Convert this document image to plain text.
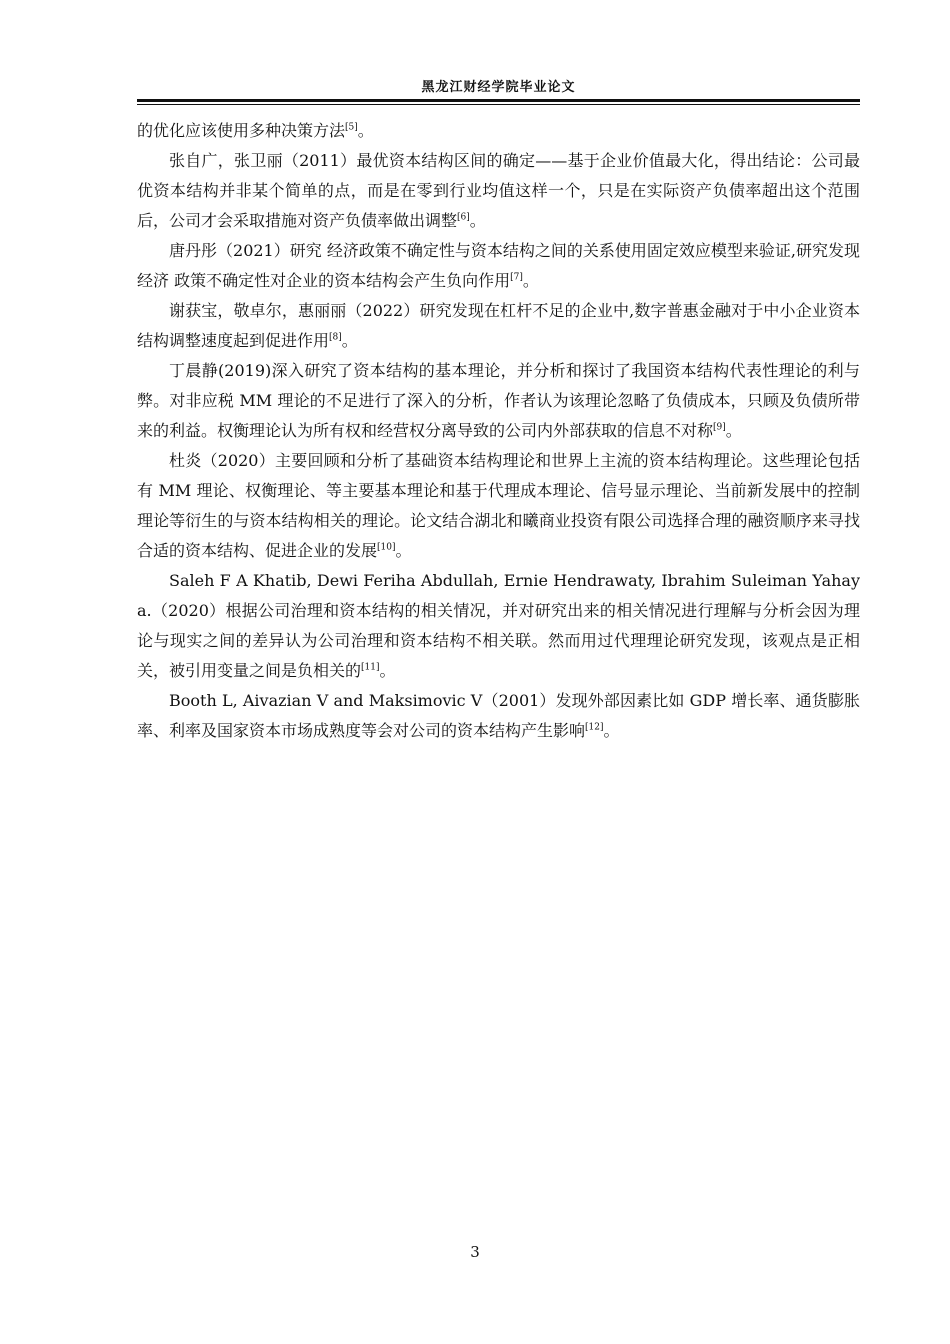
黑龙江财经学院毕业论文

的优化应该使用多种决策方法[5]。

张自广，张卫丽（2011）最优资本结构区间的确定——基于企业价值最大化，得出结论：公司最优资本结构并非某个简单的点，而是在零到行业均值这样一个，只是在实际资产负债率超出这个范围后，公司才会采取措施对资产负债率做出调整[6]。

唐丹彤（2021）研究 经济政策不确定性与资本结构之间的关系使用固定效应模型来验证,研究发现经济 政策不确定性对企业的资本结构会产生负向作用[7]。

谢获宝，敬卓尔，惠丽丽（2022）研究发现在杠杆不足的企业中,数字普惠金融对于中小企业资本结构调整速度起到促进作用[8]。

丁晨静(2019)深入研究了资本结构的基本理论，并分析和探讨了我国资本结构代表性理论的利与弊。对非应税 MM 理论的不足进行了深入的分析，作者认为该理论忽略了负债成本，只顾及负债所带来的利益。权衡理论认为所有权和经营权分离导致的公司内外部获取的信息不对称[9]。

杜炎（2020）主要回顾和分析了基础资本结构理论和世界上主流的资本结构理论。这些理论包括有 MM 理论、权衡理论、等主要基本理论和基于代理成本理论、信号显示理论、当前新发展中的控制理论等衍生的与资本结构相关的理论。论文结合湖北和曦商业投资有限公司选择合理的融资顺序来寻找合适的资本结构、促进企业的发展[10]。

Saleh F A Khatib, Dewi Feriha Abdullah, Ernie Hendrawaty, Ibrahim Suleiman Yahaya.（2020）根据公司治理和资本结构的相关情况，并对研究出来的相关情况进行理解与分析会因为理论与现实之间的差异认为公司治理和资本结构不相关联。然而用过代理理论研究发现，该观点是正相关，被引用变量之间是负相关的[11]。

Booth L, Aivazian V and Maksimovic V（2001）发现外部因素比如 GDP 增长率、通货膨胀率、利率及国家资本市场成熟度等会对公司的资本结构产生影响[12]。

3
